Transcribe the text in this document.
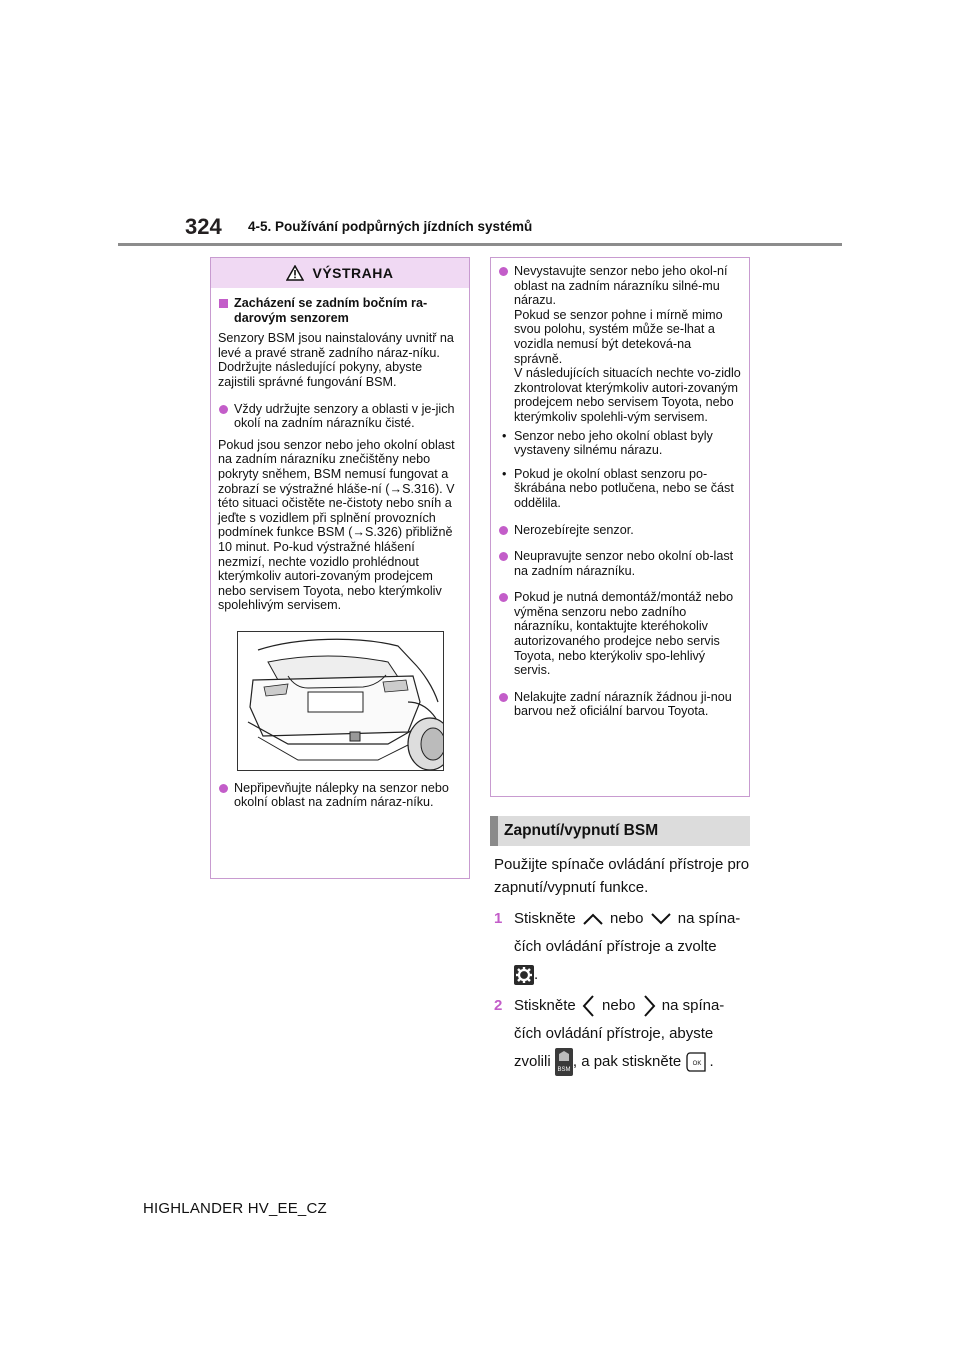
324 4-5. Používání podpůrných jízdních systémů
VÝSTRAHA
Zacházení se zadním bočním ra-darovým senzorem
Senzory BSM jsou nainstalovány uvnitř na levé a pravé straně zadního náraz-níku. Dodržujte následující pokyny, abyste zajistili správné fungování BSM.
Vždy udržujte senzory a oblasti v je-jich okolí na zadním nárazníku čisté.
Pokud jsou senzor nebo jeho okolní oblast na zadním nárazníku znečištěny nebo pokryty sněhem, BSM nemusí fungovat a zobrazí se výstražné hláše-ní (→S.316). V této situaci očistěte ne-čistoty nebo sníh a jeďte s vozidlem při splnění provozních podmínek funkce BSM (→S.326) přibližně 10 minut. Po-kud výstražné hlášení nezmizí, nechte vozidlo prohlédnout kterýmkoliv autori-zovaným prodejcem nebo servisem Toyota, nebo kterýmkoliv spolehlivým servisem.
Nepřipevňujte nálepky na senzor nebo okolní oblast na zadním náraz-níku.
Nevystavujte senzor nebo jeho okol-ní oblast na zadním nárazníku silné-mu nárazu.
Pokud se senzor pohne i mírně mimo svou polohu, systém může se-lhat a vozidla nemusí být deteková-na správně.
V následujících situacích nechte vo-zidlo zkontrolovat kterýmkoliv autori-zovaným prodejcem nebo servisem Toyota, nebo kterýmkoliv spolehli-vým servisem.
• Senzor nebo jeho okolní oblast byly vystaveny silnému nárazu.
• Pokud je okolní oblast senzoru po-škrábána nebo potlučena, nebo se část oddělila.
Nerozebírejte senzor.
Neupravujte senzor nebo okolní ob-last na zadním nárazníku.
Pokud je nutná demontáž/montáž nebo výměna senzoru nebo zadního nárazníku, kontaktujte kteréhokoliv autorizovaného prodejce nebo servis Toyota, nebo kterýkoliv spo-lehlivý servis.
Nelakujte zadní nárazník žádnou ji-nou barvou než oficiální barvou Toyota.
Zapnutí/vypnutí BSM
Použijte spínače ovládání přístroje pro zapnutí/vypnutí funkce.
1 Stiskněte nebo na spína-
čích ovládání přístroje a zvolte
.
2 Stiskněte nebo na spína-
čích ovládání přístroje, abyste
zvolili
BSM
, a pak stiskněte OK .
HIGHLANDER HV_EE_CZ
